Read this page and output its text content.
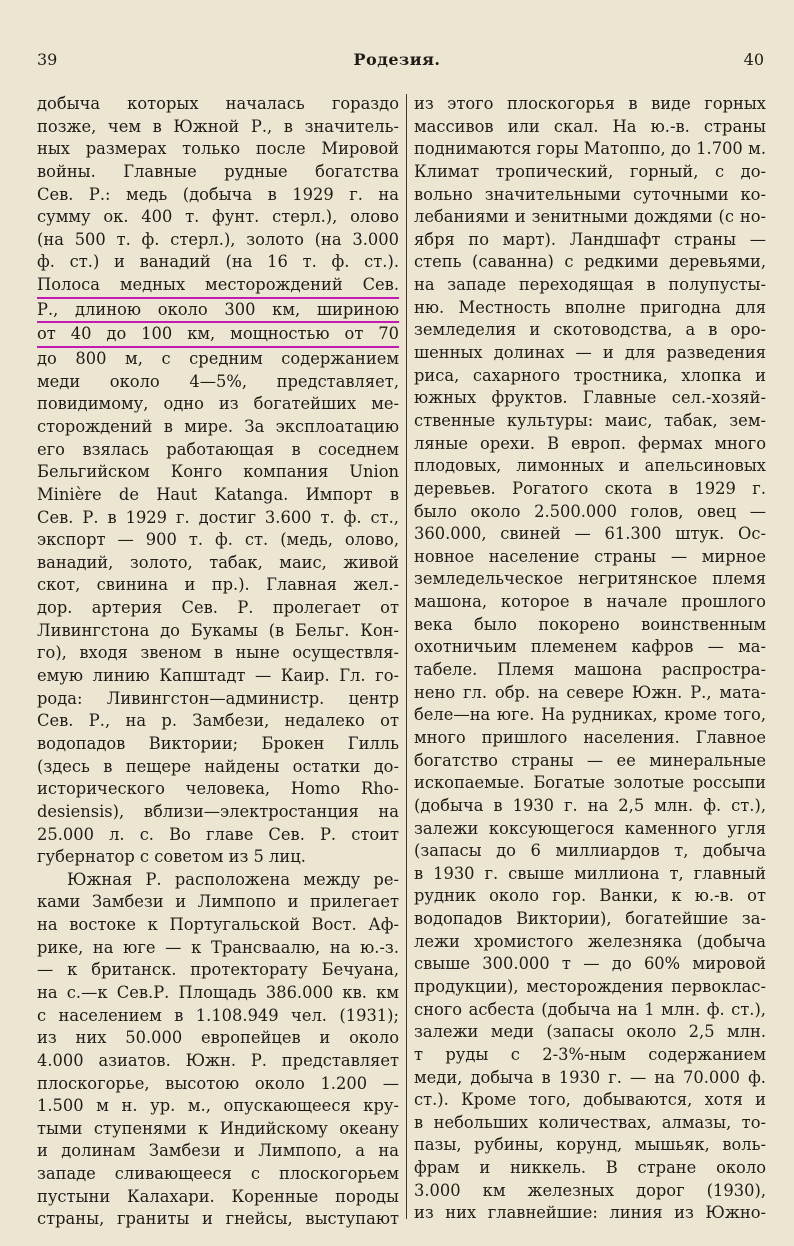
39	Родезия.	40
добыча которых началась гораздо
позже, чем в Южной Р., в значитель-
ных размерах только после Мировой
войны. Главные рудные богатства
Сев. Р.: медь (добыча в 1929 г. на
сумму ок. 400 т. фунт. стерл.), олово
(на 500 т. ф. стерл.), золото (на 3.000
ф. ст.) и ванадий (на 16 т. ф. ст.).
Полоса медных месторождений Сев.
Р., длиною около 300 км, шириною
от 40 до 100 км, мощностью от 70
до 800 м, с средним содержанием
меди около 4—5%, представляет,
повидимому, одно из богатейших ме-
сторождений в мире. За эксплоатацию
его взялась работающая в соседнем
Бельгийском Конго компания Union
Minière de Haut Katanga. Импорт в
Сев. Р. в 1929 г. достиг 3.600 т. ф. ст.,
экспорт — 900 т. ф. ст. (медь, олово,
ванадий, золото, табак, маис, живой
скот, свинина и пр.). Главная жел.-
дор. артерия Сев. Р. пролегает от
Ливингстона до Букамы (в Бельг. Кон-
го), входя звеном в ныне осуществля-
емую линию Капштадт — Каир. Гл. го-
рода: Ливингстон—администр. центр
Сев. Р., на р. Замбези, недалеко от
водопадов Виктории; Брокен Гилль
(здесь в пещере найдены остатки до-
исторического человека, Homo Rho-
desiensis), вблизи—электростанция на
25.000 л. с. Во главе Сев. Р. стоит
губернатор с советом из 5 лиц.
Южная Р. расположена между ре-
ками Замбези и Лимпопо и прилегает
на востоке к Португальской Вост. Аф-
рике, на юге — к Трансваалю, на ю.-з.
— к британск. протекторату Бечуана,
на с.—к Сев.Р. Площадь 386.000 кв. км
с населением в 1.108.949 чел. (1931);
из них 50.000 европейцев и около
4.000 азиатов. Южн. Р. представляет
плоскогорье, высотою около 1.200 —
1.500 м н. ур. м., опускающееся кру-
тыми ступенями к Индийскому океану
и долинам Замбези и Лимпопо, а на
западе сливающееся с плоскогорьем
пустыни Калахари. Коренные породы
страны, граниты и гнейсы, выступают
из этого плоскогорья в виде горных
массивов или скал. На ю.-в. страны
поднимаются горы Матоппо, до 1.700 м.
Климат тропический, горный, с до-
вольно значительными суточными ко-
лебаниями и зенитными дождями (с но-
ября по март). Ландшафт страны —
степь (саванна) с редкими деревьями,
на западе переходящая в полупусты-
ню. Местность вполне пригодна для
земледелия и скотоводства, а в оро-
шенных долинах — и для разведения
риса, сахарного тростника, хлопка и
южных фруктов. Главные сел.-хозяй-
ственные культуры: маис, табак, зем-
ляные орехи. В европ. фермах много
плодовых, лимонных и апельсиновых
деревьев. Рогатого скота в 1929 г.
было около 2.500.000 голов, овец —
360.000, свиней — 61.300 штук. Ос-
новное население страны — мирное
земледельческое негритянское племя
машона, которое в начале прошлого
века было покорено воинственным
охотничьим племенем кафров — ма-
табеле. Племя машона распростра-
нено гл. обр. на севере Южн. Р., мата-
беле—на юге. На рудниках, кроме того,
много пришлого населения. Главное
богатство страны — ее минеральные
ископаемые. Богатые золотые россыпи
(добыча в 1930 г. на 2,5 млн. ф. ст.),
залежи коксующегося каменного угля
(запасы до 6 миллиардов т, добыча
в 1930 г. свыше миллиона т, главный
рудник около гор. Ванки, к ю.-в. от
водопадов Виктории), богатейшие за-
лежи хромистого железняка (добыча
свыше 300.000 т — до 60% мировой
продукции), месторождения первоклас-
сного асбеста (добыча на 1 млн. ф. ст.),
залежи меди (запасы около 2,5 млн.
т руды с 2-3%-ным содержанием
меди, добыча в 1930 г. — на 70.000 ф.
ст.). Кроме того, добываются, хотя и
в небольших количествах, алмазы, то-
пазы, рубины, корунд, мышьяк, воль-
фрам и никкель. В стране около
3.000 км железных дорог (1930),
из них главнейшие: линия из Южно-
